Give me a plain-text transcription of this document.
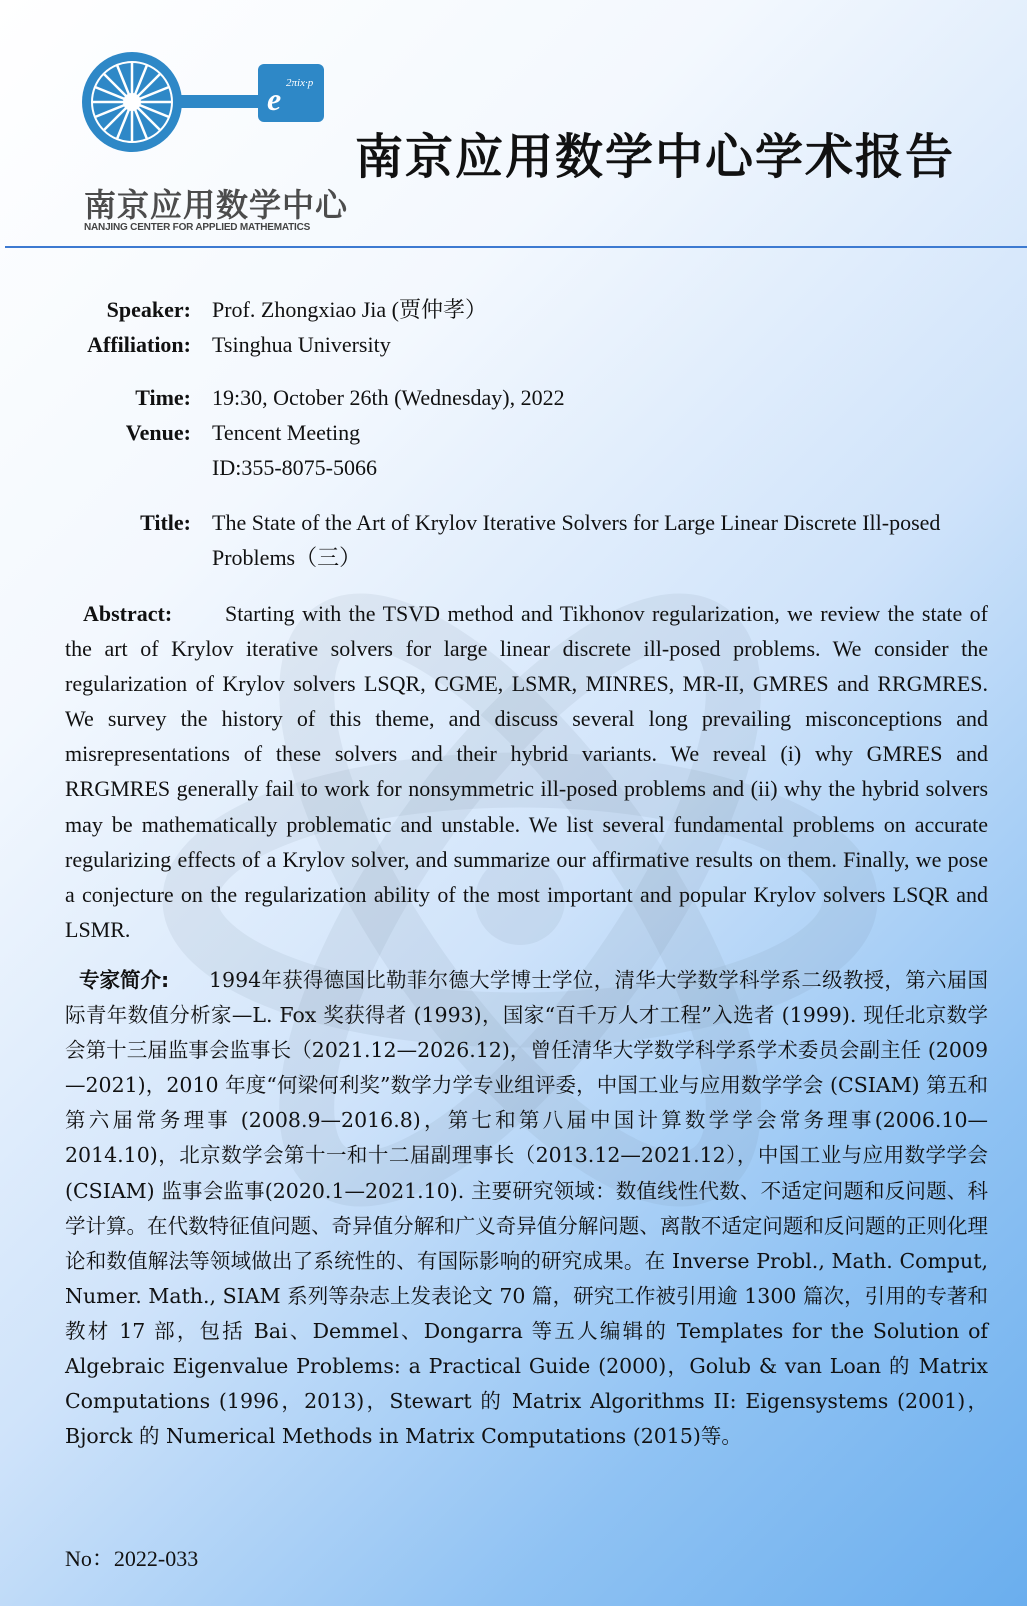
e 2πix·p
南京应用数学中心
NANJING CENTER FOR APPLIED MATHEMATICS
南京应用数学中心学术报告
Speaker: Prof. Zhongxiao Jia (贾仲孝）
Affiliation: Tsinghua University
Time: 19:30, October 26th (Wednesday), 2022
Venue: Tencent Meeting
ID:355-8075-5066
Title: The State of the Art of Krylov Iterative Solvers for Large Linear Discrete Ill-posed Problems（三）
Abstract: Starting with the TSVD method and Tikhonov regularization, we review the state of the art of Krylov iterative solvers for large linear discrete ill-posed problems. We consider the regularization of Krylov solvers LSQR, CGME, LSMR, MINRES, MR-II, GMRES and RRGMRES. We survey the history of this theme, and discuss several long prevailing misconceptions and misrepresentations of these solvers and their hybrid variants. We reveal (i) why GMRES and RRGMRES generally fail to work for nonsymmetric ill-posed problems and (ii) why the hybrid solvers may be mathematically problematic and unstable. We list several fundamental problems on accurate regularizing effects of a Krylov solver, and summarize our affirmative results on them. Finally, we pose a conjecture on the regularization ability of the most important and popular Krylov solvers LSQR and LSMR.
专家简介: 1994年获得德国比勒菲尔德大学博士学位，清华大学数学科学系二级教授，第六届国际青年数值分析家—L. Fox 奖获得者 (1993)，国家“百千万人才工程”入选者 (1999). 现任北京数学会第十三届监事会监事长（2021.12—2026.12)，曾任清华大学数学科学系学术委员会副主任 (2009—2021)，2010 年度“何梁何利奖”数学力学专业组评委，中国工业与应用数学学会 (CSIAM) 第五和第六届常务理事 (2008.9—2016.8)，第七和第八届中国计算数学学会常务理事(2006.10—2014.10)，北京数学会第十一和十二届副理事长（2013.12—2021.12），中国工业与应用数学学会 (CSIAM) 监事会监事(2020.1—2021.10). 主要研究领域：数值线性代数、不适定问题和反问题、科学计算。在代数特征值问题、奇异值分解和广义奇异值分解问题、离散不适定问题和反问题的正则化理论和数值解法等领域做出了系统性的、有国际影响的研究成果。在 Inverse Probl., Math. Comput, Numer. Math., SIAM 系列等杂志上发表论文 70 篇，研究工作被引用逾 1300 篇次，引用的专著和教材 17 部，包括 Bai、Demmel、Dongarra 等五人编辑的 Templates for the Solution of Algebraic Eigenvalue Problems: a Practical Guide (2000)，Golub & van Loan 的 Matrix Computations (1996，2013)，Stewart 的 Matrix Algorithms II: Eigensystems (2001)，Bjorck 的 Numerical Methods in Matrix Computations (2015)等。
No：2022-033
